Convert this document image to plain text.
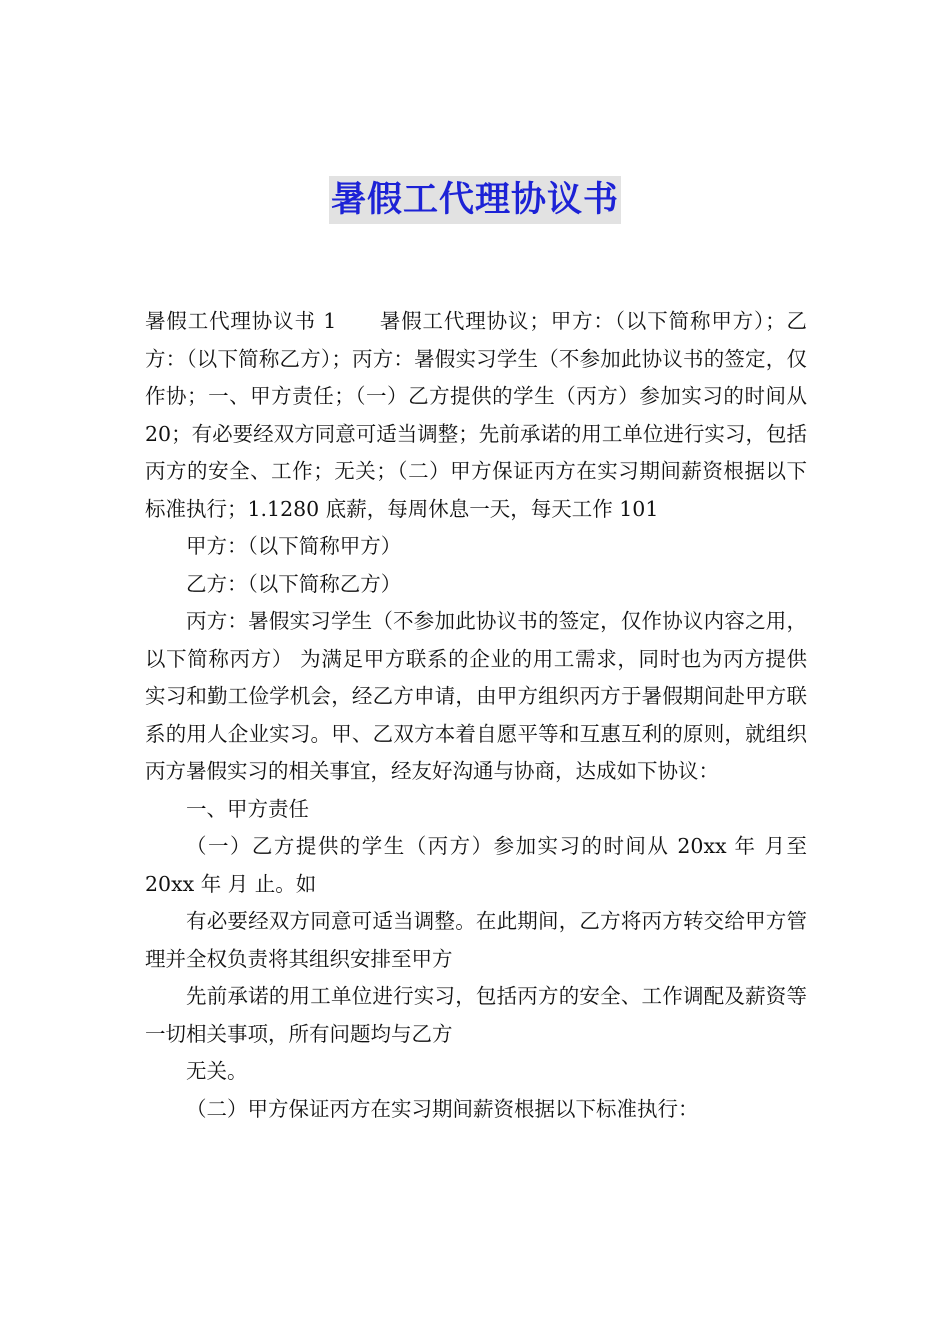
暑假工代理协议书

暑假工代理协议书 1　　暑假工代理协议；甲方：（以下简称甲方）；乙方：（以下简称乙方）；丙方：暑假实习学生（不参加此协议书的签定，仅作协；一、甲方责任；（一）乙方提供的学生（丙方）参加实习的时间从 20；有必要经双方同意可适当调整；先前承诺的用工单位进行实习，包括丙方的安全、工作；无关；（二）甲方保证丙方在实习期间薪资根据以下标准执行；1.1280 底薪，每周休息一天，每天工作 101

甲方：（以下简称甲方）

乙方：（以下简称乙方）

丙方：暑假实习学生（不参加此协议书的签定，仅作协议内容之用，以下简称丙方） 为满足甲方联系的企业的用工需求，同时也为丙方提供实习和勤工俭学机会，经乙方申请，由甲方组织丙方于暑假期间赴甲方联系的用人企业实习。甲、乙双方本着自愿平等和互惠互利的原则，就组织丙方暑假实习的相关事宜，经友好沟通与协商，达成如下协议：

一、甲方责任

（一）乙方提供的学生（丙方）参加实习的时间从 20xx 年 月至 20xx 年 月 止。如

有必要经双方同意可适当调整。在此期间，乙方将丙方转交给甲方管理并全权负责将其组织安排至甲方

先前承诺的用工单位进行实习，包括丙方的安全、工作调配及薪资等一切相关事项，所有问题均与乙方

无关。

（二）甲方保证丙方在实习期间薪资根据以下标准执行：
